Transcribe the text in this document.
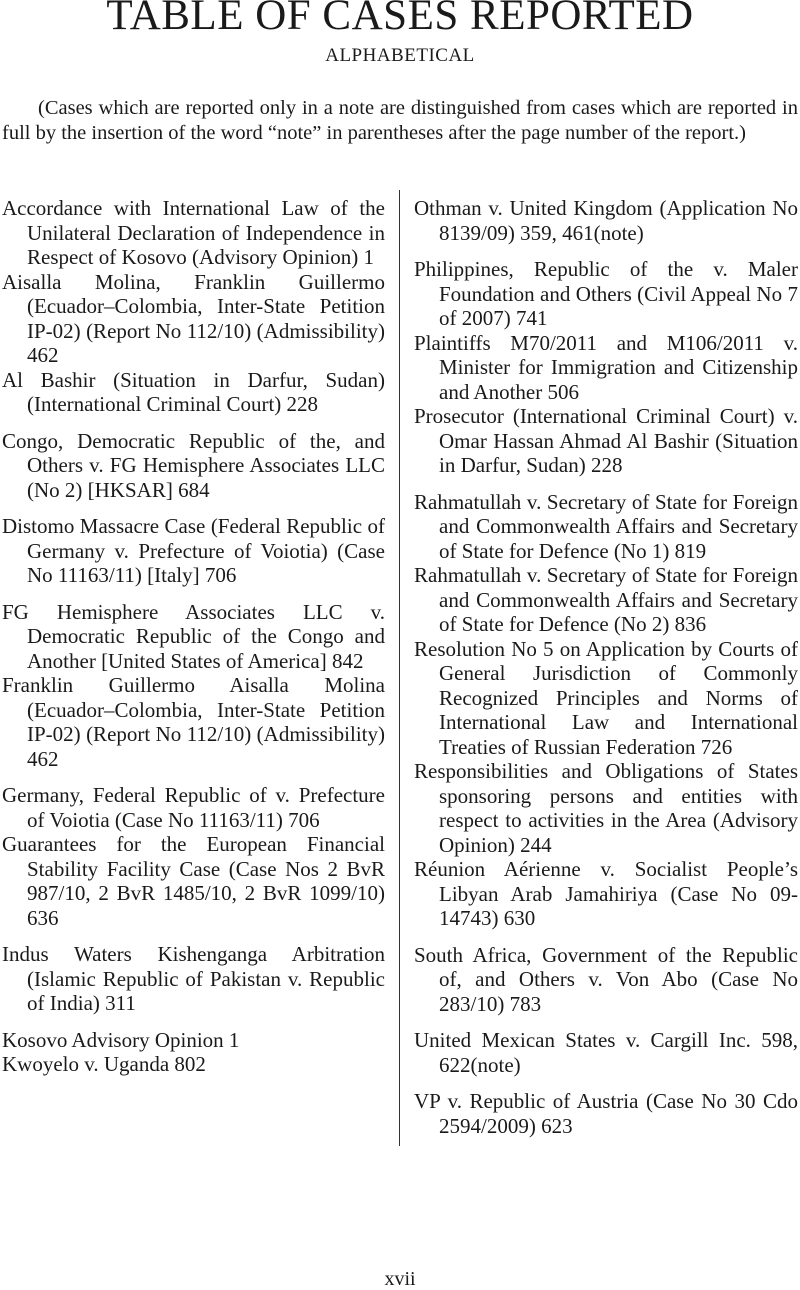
TABLE OF CASES REPORTED
ALPHABETICAL
(Cases which are reported only in a note are distinguished from cases which are reported in full by the insertion of the word “note” in parentheses after the page number of the report.)

Accordance with International Law of the Unilateral Declaration of Independence in Respect of Kosovo (Advisory Opinion) 1

Aisalla Molina, Franklin Guillermo (Ecuador–Colombia, Inter-State Petition IP-02) (Report No 112/10) (Admissibility) 462

Al Bashir (Situation in Darfur, Sudan) (International Criminal Court) 228

Congo, Democratic Republic of the, and Others v. FG Hemisphere Associates LLC (No 2) [HKSAR] 684

Distomo Massacre Case (Federal Republic of Germany v. Prefecture of Voiotia) (Case No 11163/11) [Italy] 706

FG Hemisphere Associates LLC v. Democratic Republic of the Congo and Another [United States of America] 842

Franklin Guillermo Aisalla Molina (Ecuador–Colombia, Inter-State Petition IP-02) (Report No 112/10) (Admissibility) 462

Germany, Federal Republic of v. Prefecture of Voiotia (Case No 11163/11) 706

Guarantees for the European Financial Stability Facility Case (Case Nos 2 BvR 987/10, 2 BvR 1485/10, 2 BvR 1099/10) 636

Indus Waters Kishenganga Arbitration (Islamic Republic of Pakistan v. Republic of India) 311

Kosovo Advisory Opinion 1

Kwoyelo v. Uganda 802

Othman v. United Kingdom (Application No 8139/09) 359, 461(note)

Philippines, Republic of the v. Maler Foundation and Others (Civil Appeal No 7 of 2007) 741

Plaintiffs M70/2011 and M106/2011 v. Minister for Immigration and Citizenship and Another 506

Prosecutor (International Criminal Court) v. Omar Hassan Ahmad Al Bashir (Situation in Darfur, Sudan) 228

Rahmatullah v. Secretary of State for Foreign and Commonwealth Affairs and Secretary of State for Defence (No 1) 819

Rahmatullah v. Secretary of State for Foreign and Commonwealth Affairs and Secretary of State for Defence (No 2) 836

Resolution No 5 on Application by Courts of General Jurisdiction of Commonly Recognized Principles and Norms of International Law and International Treaties of Russian Federation 726

Responsibilities and Obligations of States sponsoring persons and entities with respect to activities in the Area (Advisory Opinion) 244

Réunion Aérienne v. Socialist People’s Libyan Arab Jamahiriya (Case No 09-14743) 630

South Africa, Government of the Republic of, and Others v. Von Abo (Case No 283/10) 783

United Mexican States v. Cargill Inc. 598, 622(note)

VP v. Republic of Austria (Case No 30 Cdo 2594/2009) 623

xvii
